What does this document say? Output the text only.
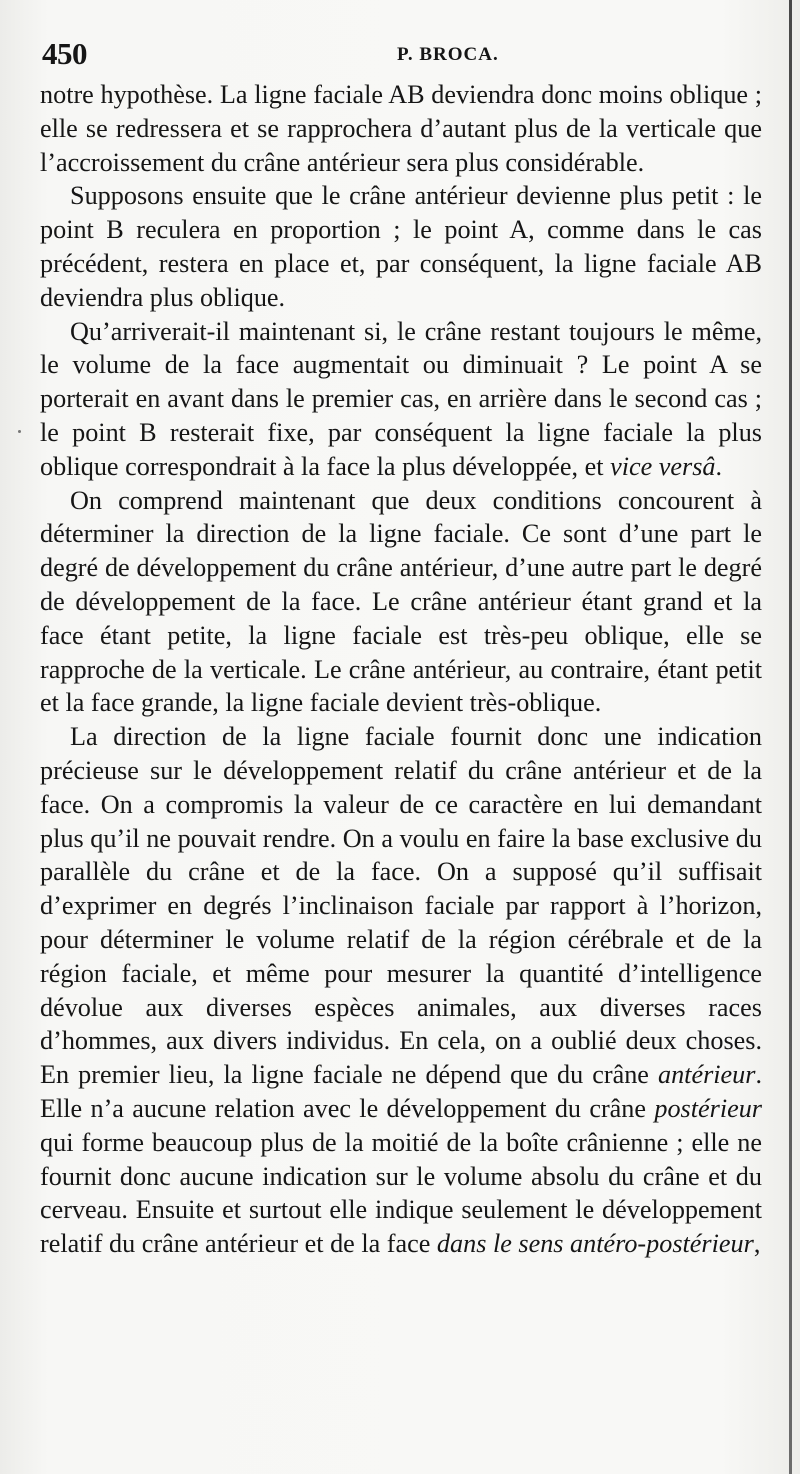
450	P. BROCA.

notre hypothèse. La ligne faciale AB deviendra donc moins oblique ; elle se redressera et se rapprochera d’autant plus de la verticale que l’accroissement du crâne antérieur sera plus considérable.

Supposons ensuite que le crâne antérieur devienne plus petit : le point B reculera en proportion ; le point A, comme dans le cas précédent, restera en place et, par conséquent, la ligne faciale AB deviendra plus oblique.

Qu’arriverait-il maintenant si, le crâne restant toujours le même, le volume de la face augmentait ou diminuait ? Le point A se porterait en avant dans le premier cas, en arrière dans le second cas ; le point B resterait fixe, par conséquent la ligne faciale la plus oblique correspondrait à la face la plus développée, et vice versâ.

On comprend maintenant que deux conditions concourent à déterminer la direction de la ligne faciale. Ce sont d’une part le degré de développement du crâne antérieur, d’une autre part le degré de développement de la face. Le crâne antérieur étant grand et la face étant petite, la ligne faciale est très-peu oblique, elle se rapproche de la verticale. Le crâne antérieur, au contraire, étant petit et la face grande, la ligne faciale devient très-oblique.

La direction de la ligne faciale fournit donc une indication précieuse sur le développement relatif du crâne antérieur et de la face. On a compromis la valeur de ce caractère en lui demandant plus qu’il ne pouvait rendre. On a voulu en faire la base exclusive du parallèle du crâne et de la face. On a supposé qu’il suffisait d’exprimer en degrés l’inclinaison faciale par rapport à l’horizon, pour déterminer le volume relatif de la région cérébrale et de la région faciale, et même pour mesurer la quantité d’intelligence dévolue aux diverses espèces animales, aux diverses races d’hommes, aux divers individus. En cela, on a oublié deux choses. En premier lieu, la ligne faciale ne dépend que du crâne antérieur. Elle n’a aucune relation avec le développement du crâne postérieur qui forme beaucoup plus de la moitié de la boîte crânienne ; elle ne fournit donc aucune indication sur le volume absolu du crâne et du cerveau. Ensuite et surtout elle indique seulement le développement relatif du crâne antérieur et de la face dans le sens antéro-postérieur,
